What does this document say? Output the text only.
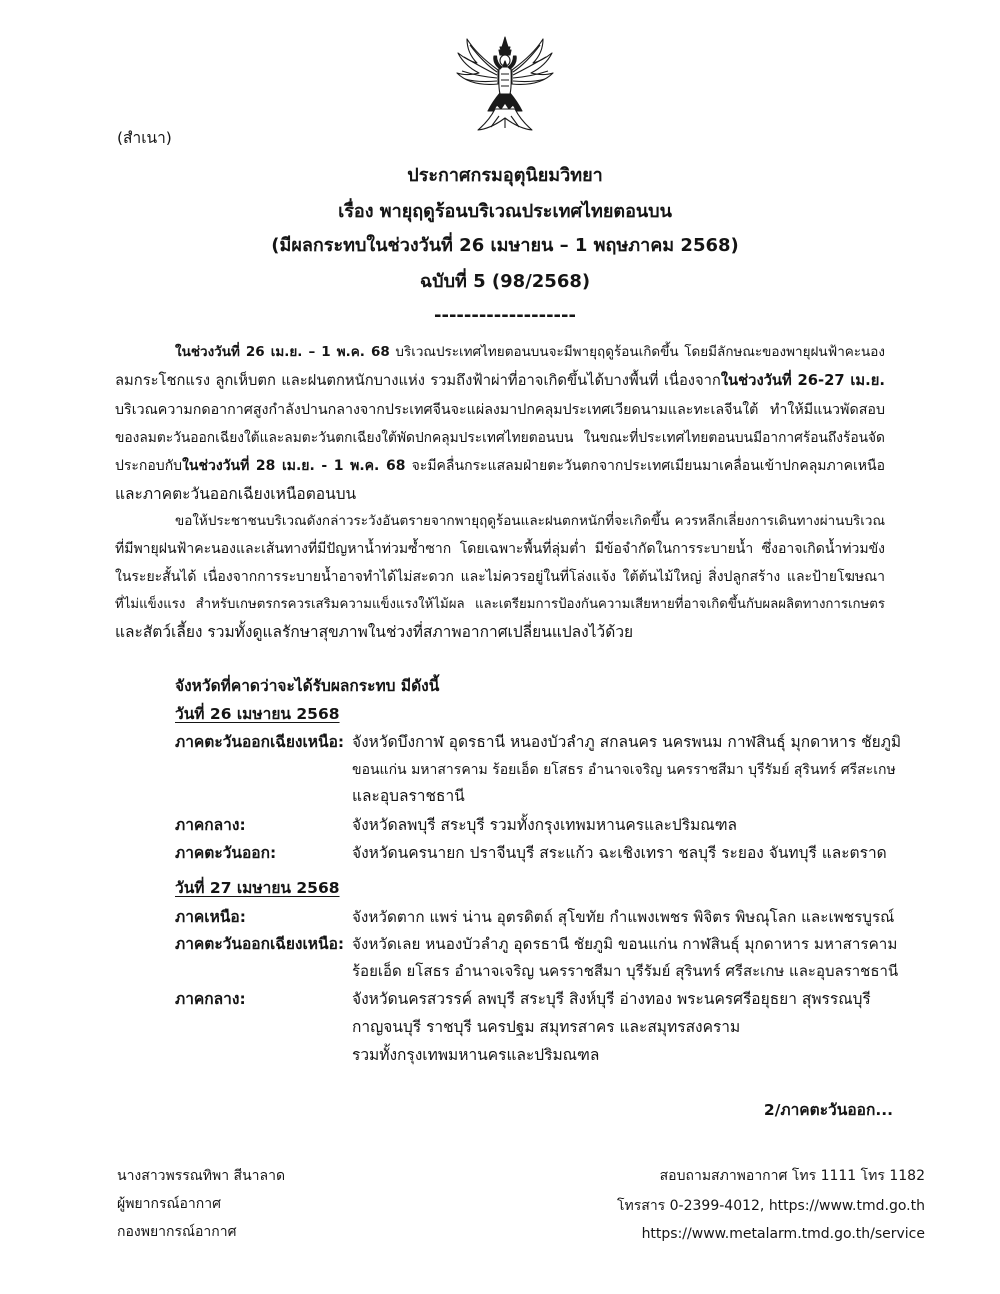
(สำเนา)
ประกาศกรมอุตุนิยมวิทยา
เรื่อง พายุฤดูร้อนบริเวณประเทศไทยตอนบน
(มีผลกระทบในช่วงวันที่ 26 เมษายน – 1 พฤษภาคม 2568)
ฉบับที่ 5 (98/2568)
-------------------
ในช่วงวันที่ 26 เม.ย. – 1 พ.ค. 68 บริเวณประเทศไทยตอนบนจะมีพายุฤดูร้อนเกิดขึ้น โดยมีลักษณะของพายุฝนฟ้าคะนอง
ลมกระโชกแรง ลูกเห็บตก และฝนตกหนักบางแห่ง รวมถึงฟ้าผ่าที่อาจเกิดขึ้นได้บางพื้นที่ เนื่องจากในช่วงวันที่ 26-27 เม.ย.
บริเวณความกดอากาศสูงกำลังปานกลางจากประเทศจีนจะแผ่ลงมาปกคลุมประเทศเวียดนามและทะเลจีนใต้ ทำให้มีแนวพัดสอบ
ของลมตะวันออกเฉียงใต้และลมตะวันตกเฉียงใต้พัดปกคลุมประเทศไทยตอนบน ในขณะที่ประเทศไทยตอนบนมีอากาศร้อนถึงร้อนจัด
ประกอบกับในช่วงวันที่ 28 เม.ย. - 1 พ.ค. 68 จะมีคลื่นกระแสลมฝ่ายตะวันตกจากประเทศเมียนมาเคลื่อนเข้าปกคลุมภาคเหนือ
และภาคตะวันออกเฉียงเหนือตอนบน
ขอให้ประชาชนบริเวณดังกล่าวระวังอันตรายจากพายุฤดูร้อนและฝนตกหนักที่จะเกิดขึ้น ควรหลีกเลี่ยงการเดินทางผ่านบริเวณ
ที่มีพายุฝนฟ้าคะนองและเส้นทางที่มีปัญหาน้ำท่วมซ้ำซาก โดยเฉพาะพื้นที่ลุ่มต่ำ มีข้อจำกัดในการระบายน้ำ ซึ่งอาจเกิดน้ำท่วมขัง
ในระยะสั้นได้ เนื่องจากการระบายน้ำอาจทำได้ไม่สะดวก และไม่ควรอยู่ในที่โล่งแจ้ง ใต้ต้นไม้ใหญ่ สิ่งปลูกสร้าง และป้ายโฆษณา
ที่ไม่แข็งแรง สำหรับเกษตรกรควรเสริมความแข็งแรงให้ไม้ผล และเตรียมการป้องกันความเสียหายที่อาจเกิดขึ้นกับผลผลิตทางการเกษตร
และสัตว์เลี้ยง รวมทั้งดูแลรักษาสุขภาพในช่วงที่สภาพอากาศเปลี่ยนแปลงไว้ด้วย
จังหวัดที่คาดว่าจะได้รับผลกระทบ มีดังนี้
วันที่ 26 เมษายน 2568
ภาคตะวันออกเฉียงเหนือ: จังหวัดบึงกาฬ อุดรธานี หนองบัวลำภู สกลนคร นครพนม กาฬสินธุ์ มุกดาหาร ชัยภูมิ
ขอนแก่น มหาสารคาม ร้อยเอ็ด ยโสธร อำนาจเจริญ นครราชสีมา บุรีรัมย์ สุรินทร์ ศรีสะเกษ
และอุบลราชธานี
ภาคกลาง:	จังหวัดลพบุรี สระบุรี รวมทั้งกรุงเทพมหานครและปริมณฑล
ภาคตะวันออก:	จังหวัดนครนายก ปราจีนบุรี สระแก้ว ฉะเชิงเทรา ชลบุรี ระยอง จันทบุรี และตราด
วันที่ 27 เมษายน 2568
ภาคเหนือ:	จังหวัดตาก แพร่ น่าน อุตรดิตถ์ สุโขทัย กำแพงเพชร พิจิตร พิษณุโลก และเพชรบูรณ์
ภาคตะวันออกเฉียงเหนือ: จังหวัดเลย หนองบัวลำภู อุดรธานี ชัยภูมิ ขอนแก่น กาฬสินธุ์ มุกดาหาร มหาสารคาม
ร้อยเอ็ด ยโสธร อำนาจเจริญ นครราชสีมา บุรีรัมย์ สุรินทร์ ศรีสะเกษ และอุบลราชธานี
ภาคกลาง:	จังหวัดนครสวรรค์ ลพบุรี สระบุรี สิงห์บุรี อ่างทอง พระนครศรีอยุธยา สุพรรณบุรี
กาญจนบุรี ราชบุรี นครปฐม สมุทรสาคร และสมุทรสงคราม
รวมทั้งกรุงเทพมหานครและปริมณฑล
2/ภาคตะวันออก...
นางสาวพรรณทิพา สีนาลาด
ผู้พยากรณ์อากาศ
กองพยากรณ์อากาศ
สอบถามสภาพอากาศ โทร 1111 โทร 1182
โทรสาร 0-2399-4012, https://www.tmd.go.th
https://www.metalarm.tmd.go.th/service
